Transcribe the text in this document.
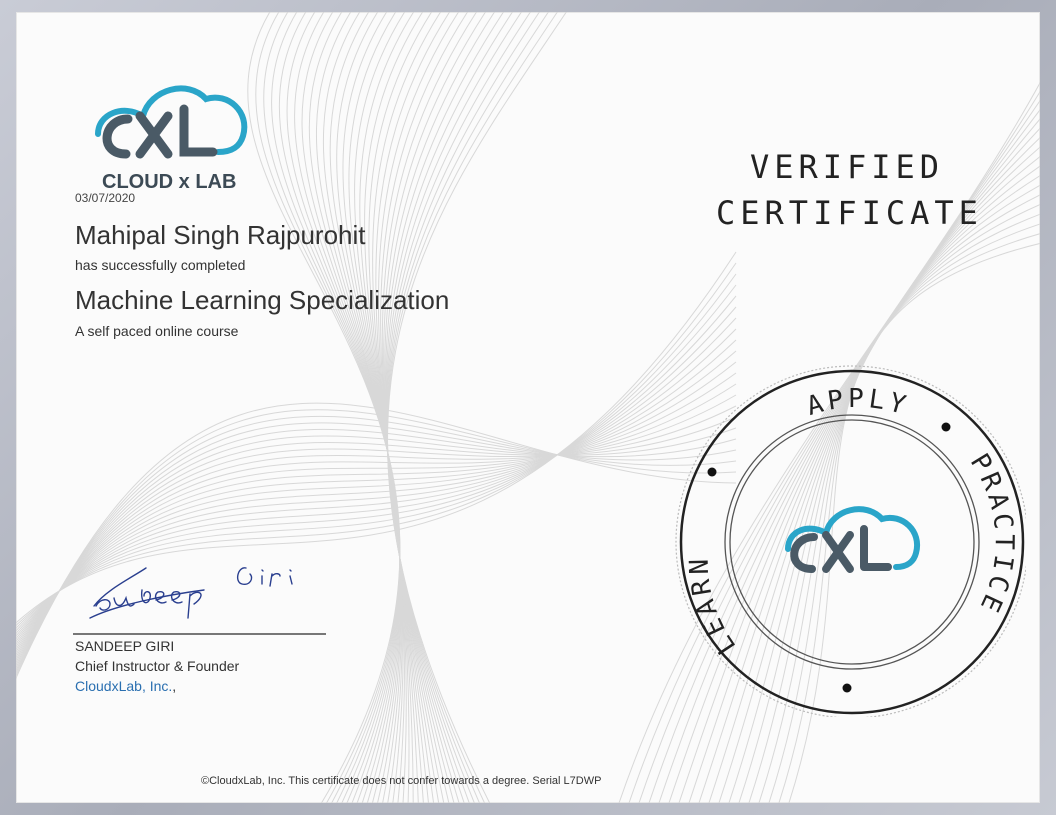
CLOUD x LAB
03/07/2020
Mahipal Singh Rajpurohit
has successfully completed
Machine Learning Specialization
A self paced online course
VERIFIED
CERTIFICATE
SANDEEP GIRI
Chief Instructor & Founder
CloudxLab, Inc.,
APPLY
PRACTICE
LEARN
©CloudxLab, Inc. This certificate does not confer towards a degree. Serial L7DWP
